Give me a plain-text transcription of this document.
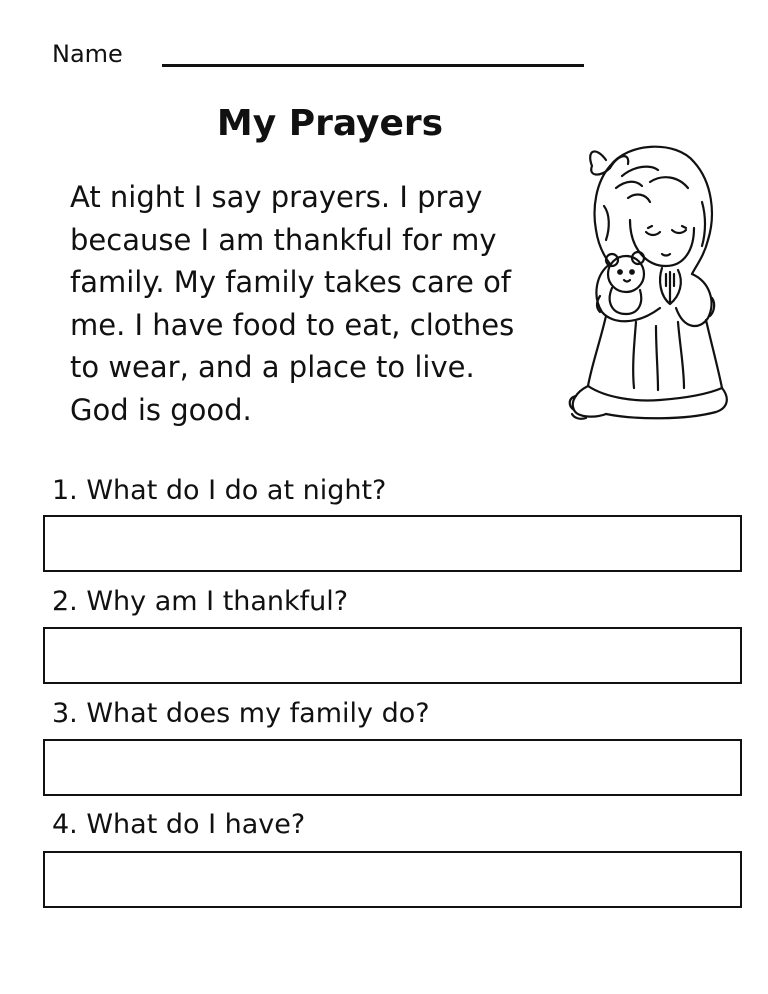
Name
My Prayers

At night I say prayers. I pray
because I am thankful for my
family. My family takes care of
me. I have food to eat, clothes
to wear, and a place to live.
God is good.

1. What do I do at night?
2. Why am I thankful?
3. What does my family do?
4. What do I have?
